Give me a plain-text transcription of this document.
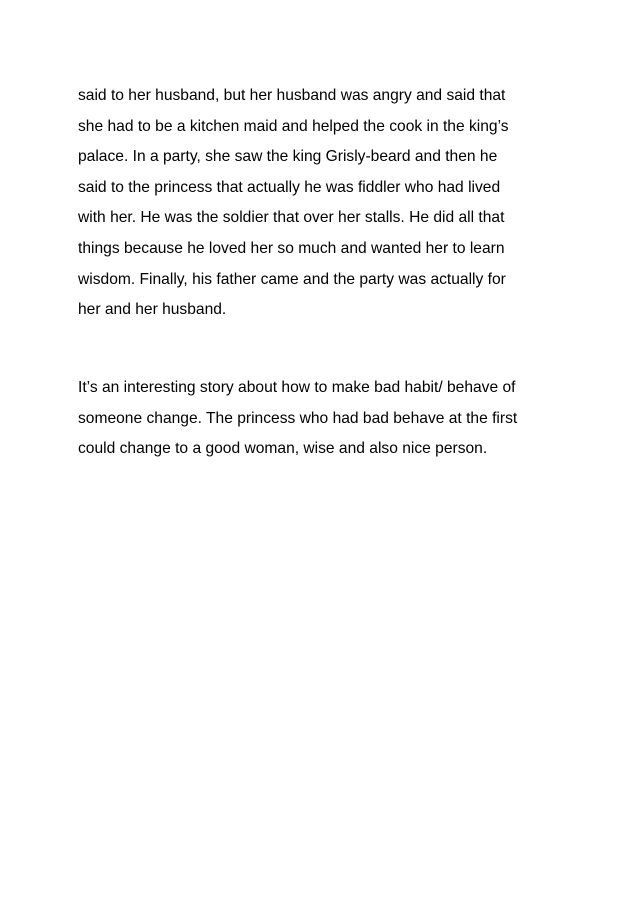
said to her husband, but her husband was angry and said that
she had to be a kitchen maid and helped the cook in the king’s
palace. In a party, she saw the king Grisly-beard and then he
said to the princess that actually he was fiddler who had lived
with her. He was the soldier that over her stalls. He did all that
things because he loved her so much and wanted her to learn
wisdom. Finally, his father came and the party was actually for
her and her husband.
It’s an interesting story about how to make bad habit/ behave of
someone change. The princess who had bad behave at the first
could change to a good woman, wise and also nice person.
